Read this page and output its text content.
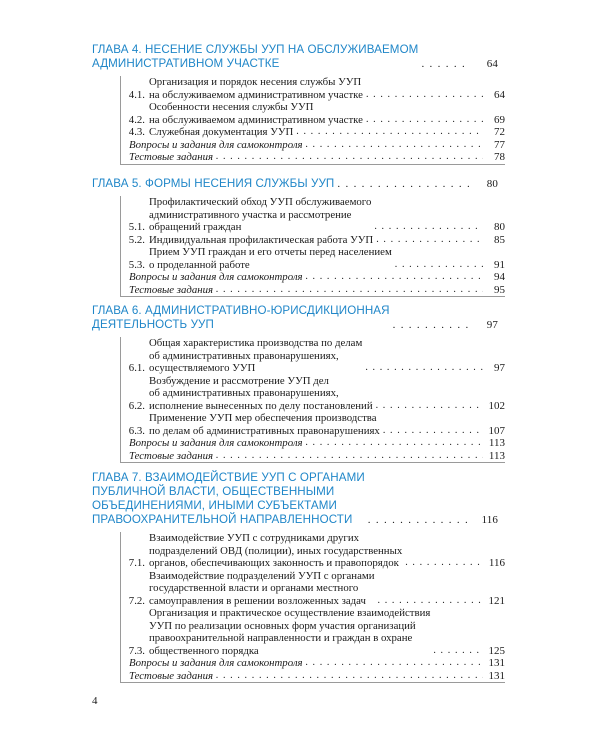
ГЛАВА 4. НЕСЕНИЕ СЛУЖБЫ УУП НА ОБСЛУЖИВАЕМОМ
АДМИНИСТРАТИВНОМ УЧАСТКЕ . . .	64
4.1.
Организация и порядок несения службы УУП
на обслуживаемом административном участке . . .	64
4.2.
Особенности несения службы УУП
на обслуживаемом административном участке . . .	69
4.3. Служебная документация УУП . . .	72
Вопросы и задания для самоконтроля . . .	77
Тестовые задания . . .	78
ГЛАВА 5. ФОРМЫ НЕСЕНИЯ СЛУЖБЫ УУП . . .	80
5.1.
Профилактический обход УУП обслуживаемого
административного участка и рассмотрение
обращений граждан . . .	80
5.2. Индивидуальная профилактическая работа УУП . . .	85
5.3.
Прием УУП граждан и его отчеты перед населением
о проделанной работе . . .	91
Вопросы и задания для самоконтроля . . .	94
Тестовые задания . . .	95
ГЛАВА 6. АДМИНИСТРАТИВНО-ЮРИСДИКЦИОННАЯ
ДЕЯТЕЛЬНОСТЬ УУП . . .	97
6.1.
Общая характеристика производства по делам
об административных правонарушениях,
осуществляемого УУП . . .	97
6.2.
Возбуждение и рассмотрение УУП дел
об административных правонарушениях,
исполнение вынесенных по делу постановлений . . .	102
6.3.
Применение УУП мер обеспечения производства
по делам об административных правонарушениях . . .	107
Вопросы и задания для самоконтроля . . .	113
Тестовые задания . . .	113
ГЛАВА 7. ВЗАИМОДЕЙСТВИЕ УУП С ОРГАНАМИ
ПУБЛИЧНОЙ ВЛАСТИ, ОБЩЕСТВЕННЫМИ
ОБЪЕДИНЕНИЯМИ, ИНЫМИ СУБЪЕКТАМИ
ПРАВООХРАНИТЕЛЬНОЙ НАПРАВЛЕННОСТИ . . .	116
7.1.
Взаимодействие УУП с сотрудниками других
подразделений ОВД (полиции), иных государственных
органов, обеспечивающих законность и правопорядок . . .	116
7.2.
Взаимодействие подразделений УУП с органами
государственной власти и органами местного
самоуправления в решении возложенных задач . . .	121
7.3.
Организация и практическое осуществление взаимодействия
УУП по реализации основных форм участия организаций
правоохранительной направленности и граждан в охране
общественного порядка . . .	125
Вопросы и задания для самоконтроля . . .	131
Тестовые задания . . .	131
4
